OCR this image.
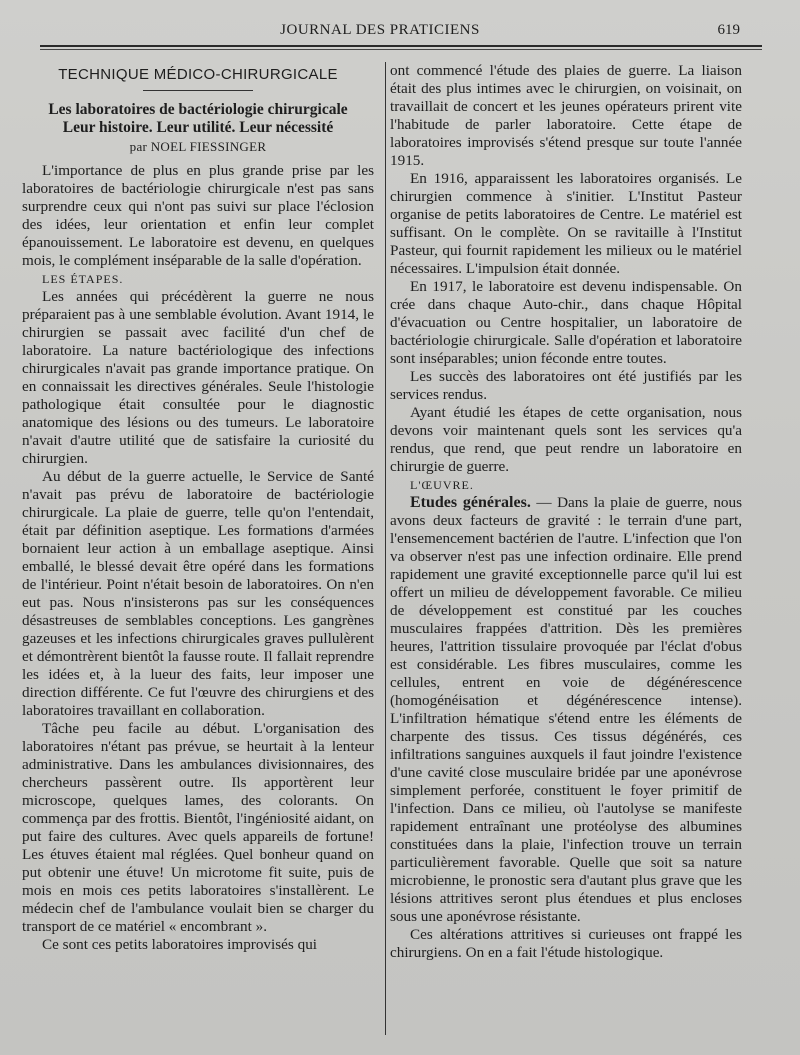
JOURNAL DES PRATICIENS	619
TECHNIQUE MÉDICO-CHIRURGICALE
Les laboratoires de bactériologie chirurgicale
Leur histoire. Leur utilité. Leur nécessité
par NOEL FIESSINGER

L'importance de plus en plus grande prise par les laboratoires de bactériologie chirurgicale n'est pas sans surprendre ceux qui n'ont pas suivi sur place l'éclosion des idées, leur orientation et enfin leur complet épanouissement. Le laboratoire est devenu, en quelques mois, le complément inséparable de la salle d'opération.

LES ÉTAPES.

Les années qui précédèrent la guerre ne nous préparaient pas à une semblable évolution. Avant 1914, le chirurgien se passait avec facilité d'un chef de laboratoire. La nature bactériologique des infections chirurgicales n'avait pas grande importance pratique. On en connaissait les directives générales. Seule l'histologie pathologique était consultée pour le diagnostic anatomique des lésions ou des tumeurs. Le laboratoire n'avait d'autre utilité que de satisfaire la curiosité du chirurgien.

Au début de la guerre actuelle, le Service de Santé n'avait pas prévu de laboratoire de bactériologie chirurgicale. La plaie de guerre, telle qu'on l'entendait, était par définition aseptique. Les formations d'armées bornaient leur action à un emballage aseptique. Ainsi emballé, le blessé devait être opéré dans les formations de l'intérieur. Point n'était besoin de laboratoires. On n'en eut pas. Nous n'insisterons pas sur les conséquences désastreuses de semblables conceptions. Les gangrènes gazeuses et les infections chirurgicales graves pullulèrent et démontrèrent bientôt la fausse route. Il fallait reprendre les idées et, à la lueur des faits, leur imposer une direction différente. Ce fut l'œuvre des chirurgiens et des laboratoires travaillant en collaboration.

Tâche peu facile au début. L'organisation des laboratoires n'étant pas prévue, se heurtait à la lenteur administrative. Dans les ambulances divisionnaires, des chercheurs passèrent outre. Ils apportèrent leur microscope, quelques lames, des colorants. On commença par des frottis. Bientôt, l'ingéniosité aidant, on put faire des cultures. Avec quels appareils de fortune! Les étuves étaient mal réglées. Quel bonheur quand on put obtenir une étuve! Un microtome fit suite, puis de mois en mois ces petits laboratoires s'installèrent. Le médecin chef de l'ambulance voulait bien se charger du transport de ce matériel « encombrant ».

Ce sont ces petits laboratoires improvisés qui

ont commencé l'étude des plaies de guerre. La liaison était des plus intimes avec le chirurgien, on voisinait, on travaillait de concert et les jeunes opérateurs prirent vite l'habitude de parler laboratoire. Cette étape de laboratoires improvisés s'étend presque sur toute l'année 1915.

En 1916, apparaissent les laboratoires organisés. Le chirurgien commence à s'initier. L'Institut Pasteur organise de petits laboratoires de Centre. Le matériel est suffisant. On le complète. On se ravitaille à l'Institut Pasteur, qui fournit rapidement les milieux ou le matériel nécessaires. L'impulsion était donnée.

En 1917, le laboratoire est devenu indispensable. On crée dans chaque Auto-chir., dans chaque Hôpital d'évacuation ou Centre hospitalier, un laboratoire de bactériologie chirurgicale. Salle d'opération et laboratoire sont inséparables; union féconde entre toutes.

Les succès des laboratoires ont été justifiés par les services rendus.

Ayant étudié les étapes de cette organisation, nous devons voir maintenant quels sont les services qu'a rendus, que rend, que peut rendre un laboratoire en chirurgie de guerre.

L'ŒUVRE.

Etudes générales. — Dans la plaie de guerre, nous avons deux facteurs de gravité : le terrain d'une part, l'ensemencement bactérien de l'autre. L'infection que l'on va observer n'est pas une infection ordinaire. Elle prend rapidement une gravité exceptionnelle parce qu'il lui est offert un milieu de développement favorable. Ce milieu de développement est constitué par les couches musculaires frappées d'attrition. Dès les premières heures, l'attrition tissulaire provoquée par l'éclat d'obus est considérable. Les fibres musculaires, comme les cellules, entrent en voie de dégénérescence (homogénéisation et dégénérescence intense). L'infiltration hématique s'étend entre les éléments de charpente des tissus. Ces tissus dégénérés, ces infiltrations sanguines auxquels il faut joindre l'existence d'une cavité close musculaire bridée par une aponévrose simplement perforée, constituent le foyer primitif de l'infection. Dans ce milieu, où l'autolyse se manifeste rapidement entraînant une protéolyse des albumines constituées dans la plaie, l'infection trouve un terrain particulièrement favorable. Quelle que soit sa nature microbienne, le pronostic sera d'autant plus grave que les lésions attritives seront plus étendues et plus encloses sous une aponévrose résistante.

Ces altérations attritives si curieuses ont frappé les chirurgiens. On en a fait l'étude histologique.
